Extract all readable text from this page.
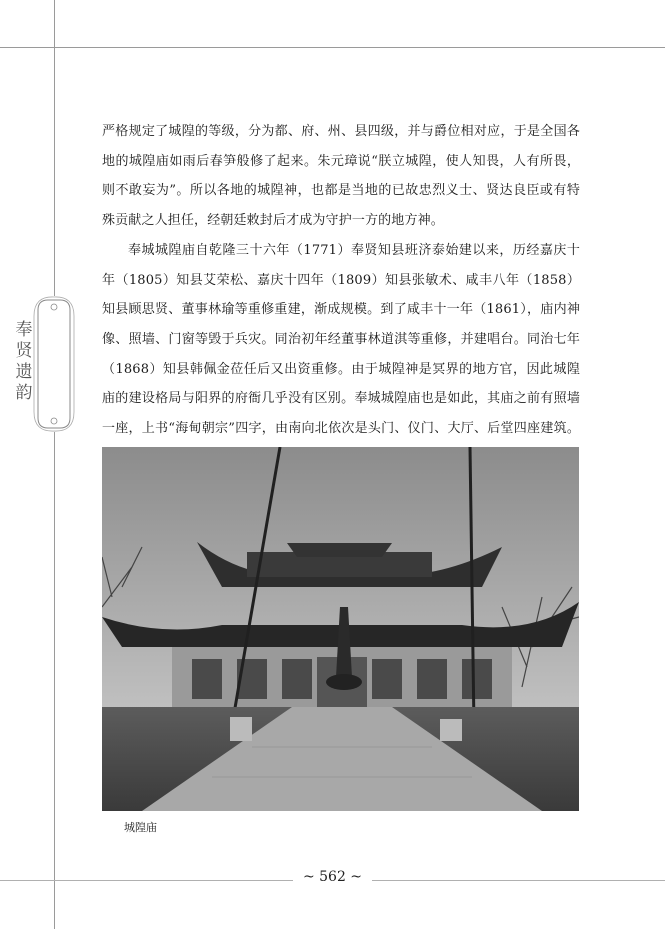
奉
贤
遗
韵

严格规定了城隍的等级，分为都、府、州、县四级，并与爵位相对应，于是全国各地的城隍庙如雨后春笋般修了起来。朱元璋说“朕立城隍，使人知畏，人有所畏，则不敢妄为”。所以各地的城隍神，也都是当地的已故忠烈义士、贤达良臣或有特殊贡献之人担任，经朝廷敕封后才成为守护一方的地方神。

奉城城隍庙自乾隆三十六年（1771）奉贤知县班济泰始建以来，历经嘉庆十年（1805）知县艾荣松、嘉庆十四年（1809）知县张敏术、咸丰八年（1858）知县顾思贤、董事林瑜等重修重建，渐成规模。到了咸丰十一年（1861），庙内神像、照墙、门窗等毁于兵灾。同治初年经董事林道淇等重修，并建唱台。同治七年（1868）知县韩佩金莅任后又出资重修。由于城隍神是冥界的地方官，因此城隍庙的建设格局与阳界的府衙几乎没有区别。奉城城隍庙也是如此，其庙之前有照墙一座，上书“海甸朝宗”四字，由南向北依次是头门、仪门、大厅、后堂四座建筑。

城隍庙
~ 562 ~
